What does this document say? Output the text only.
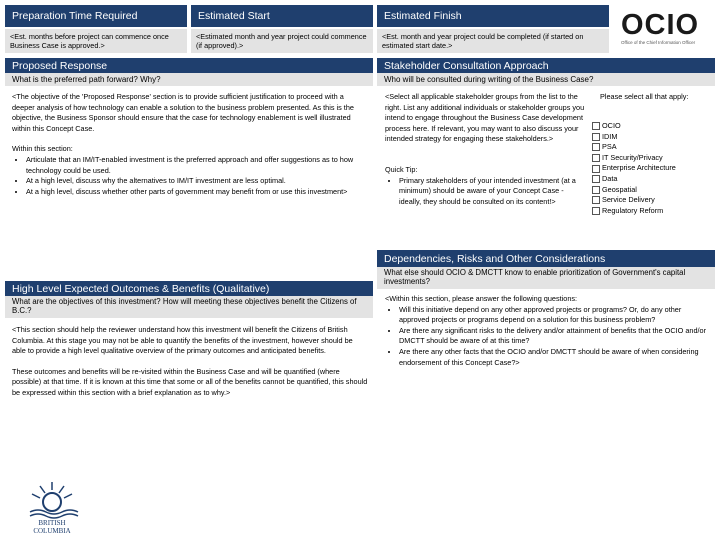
Preparation Time Required	Estimated Start	Estimated Finish
<Est. months before project can commence once Business Case is approved.>
<Estimated month and year project could commence (if approved).>
<Est. month and year project could be completed (if started on estimated start date.>
OCIO
Office of the Chief Information Officer
Proposed Response
What is the preferred path forward? Why?

<The objective of the 'Proposed Response' section is to provide sufficient justification to proceed with a deeper analysis of how technology can enable a solution to the business problem presented. As this is the objective, the Business Sponsor should ensure that the case for technology enablement is well illustrated within this Concept Case.

Within this section:

• Articulate that an IM/IT-enabled investment is the preferred approach and offer suggestions as to how technology could be used.
• At a high level, discuss why the alternatives to IM/IT investment are less optimal.
• At a high level, discuss whether other parts of government may benefit from or use this investment>
Stakeholder Consultation Approach
Who will be consulted during writing of the Business Case?

<Select all applicable stakeholder groups from the list to the right. List any additional individuals or stakeholder groups you intend to engage throughout the Business Case development process here. If relevant, you may want to also discuss your intended strategy for engaging these stakeholders.>

Quick Tip:
• Primary stakeholders of your intended investment (at a minimum) should be aware of your Concept Case - ideally, they should be consulted on its content!>
Please select all that apply:
OCIO
IDIM
PSA
IT Security/Privacy
Enterprise Architecture
Data
Geospatial
Service Delivery
Regulatory Reform
High Level Expected Outcomes & Benefits (Qualitative)
What are the objectives of this investment? How will meeting these objectives benefit the Citizens of B.C.?

<This section should help the reviewer understand how this investment will benefit the Citizens of British Columbia. At this stage you may not be able to quantify the benefits of the investment, however should be able to provide a high level qualitative overview of the primary outcomes and anticipated benefits.

These outcomes and benefits will be re-visited within the Business Case and will be quantified (where possible) at that time. If it is known at this time that some or all of the benefits cannot be quantified, this should be expressed within this section with a brief explanation as to why.>

Dependencies, Risks and Other Considerations
What else should OCIO & DMCTT know to enable prioritization of Government's capital investments?
<Within this section, please answer the following questions:
• Will this initiative depend on any other approved projects or programs? Or, do any other approved projects or programs depend on a solution for this business problem?
• Are there any significant risks to the delivery and/or attainment of benefits that the OCIO and/or DMCTT should be aware of at this time?
• Are there any other facts that the OCIO and/or DMCTT should be aware of when considering endorsement of this Concept Case?>
BRITISH
COLUMBIA
